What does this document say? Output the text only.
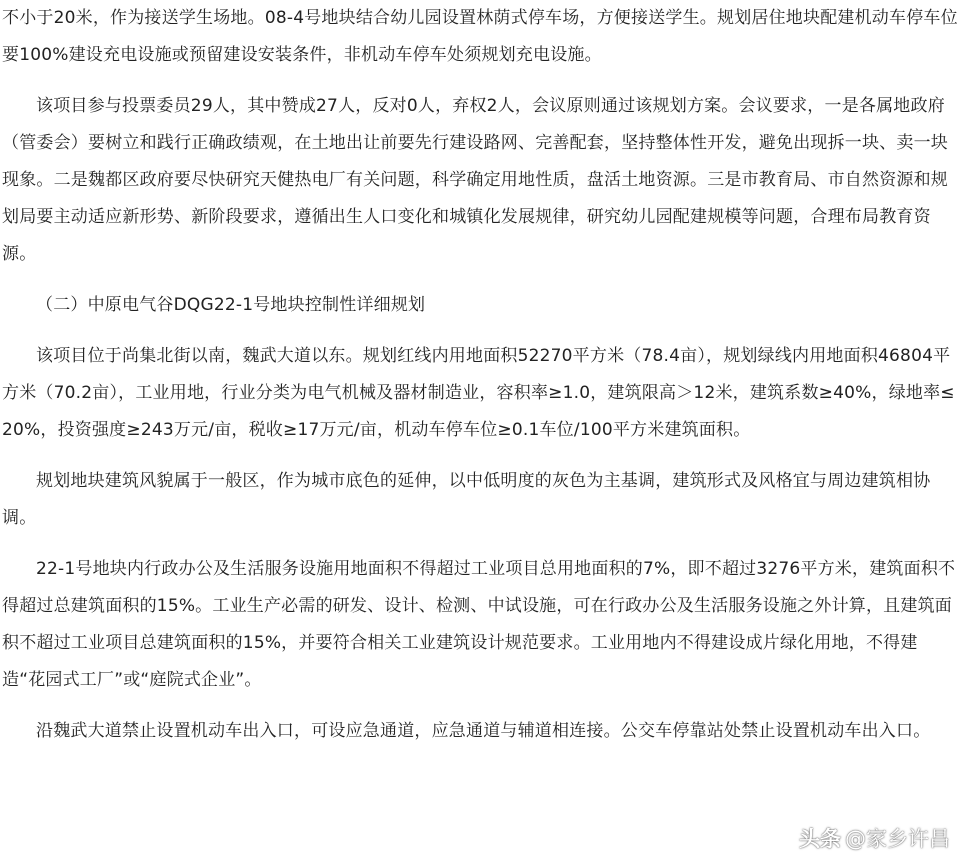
不小于20米，作为接送学生场地。08-4号地块结合幼儿园设置林荫式停车场，方便接送学生。规划居住地块配建机动车停车位要100%建设充电设施或预留建设安装条件，非机动车停车处须规划充电设施。

该项目参与投票委员29人，其中赞成27人，反对0人，弃权2人，会议原则通过该规划方案。会议要求，一是各属地政府（管委会）要树立和践行正确政绩观，在土地出让前要先行建设路网、完善配套，坚持整体性开发，避免出现拆一块、卖一块现象。二是魏都区政府要尽快研究天健热电厂有关问题，科学确定用地性质，盘活土地资源。三是市教育局、市自然资源和规划局要主动适应新形势、新阶段要求，遵循出生人口变化和城镇化发展规律，研究幼儿园配建规模等问题，合理布局教育资源。

（二）中原电气谷DQG22-1号地块控制性详细规划

该项目位于尚集北街以南，魏武大道以东。规划红线内用地面积52270平方米（78.4亩），规划绿线内用地面积46804平方米（70.2亩），工业用地，行业分类为电气机械及器材制造业，容积率≥1.0，建筑限高＞12米，建筑系数≥40%，绿地率≤20%，投资强度≥243万元/亩，税收≥17万元/亩，机动车停车位≥0.1车位/100平方米建筑面积。

规划地块建筑风貌属于一般区，作为城市底色的延伸，以中低明度的灰色为主基调，建筑形式及风格宜与周边建筑相协调。

22-1号地块内行政办公及生活服务设施用地面积不得超过工业项目总用地面积的7%，即不超过3276平方米，建筑面积不得超过总建筑面积的15%。工业生产必需的研发、设计、检测、中试设施，可在行政办公及生活服务设施之外计算，且建筑面积不超过工业项目总建筑面积的15%，并要符合相关工业建筑设计规范要求。工业用地内不得建设成片绿化用地，不得建造“花园式工厂”或“庭院式企业”。

沿魏武大道禁止设置机动车出入口，可设应急通道，应急通道与辅道相连接。公交车停靠站处禁止设置机动车出入口。

头条 @家乡许昌
